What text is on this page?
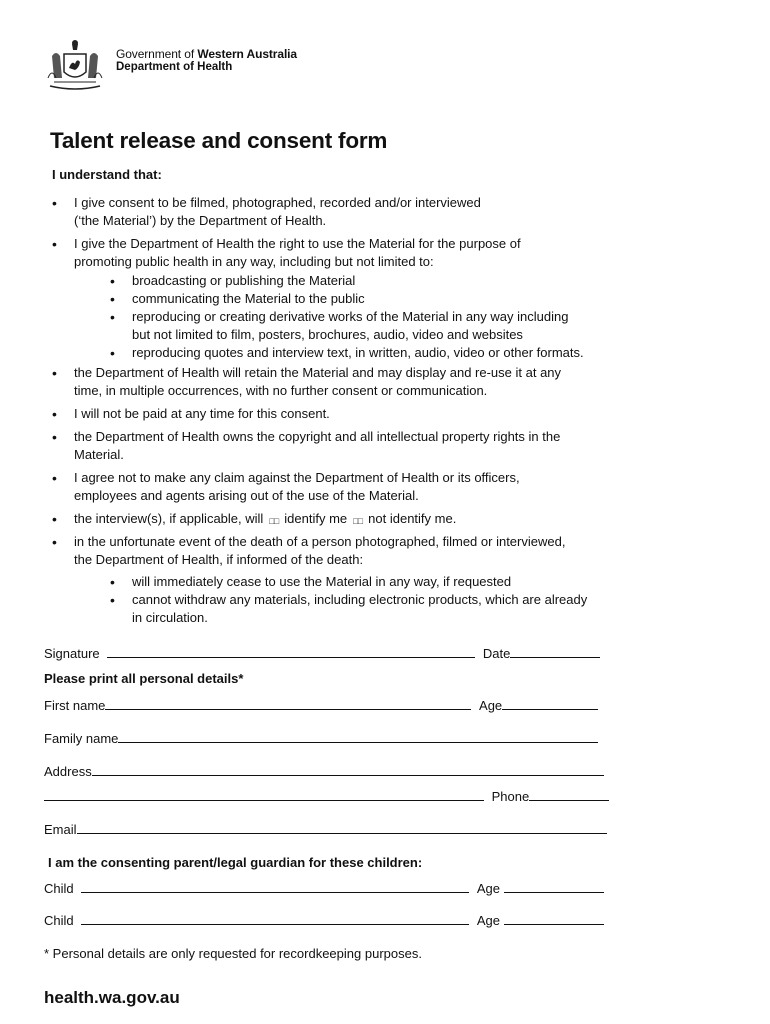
Government of Western Australia
Department of Health
Talent release and consent form
I understand that:
• I give consent to be filmed, photographed, recorded and/or interviewed
(‘the Material’) by the Department of Health.
• I give the Department of Health the right to use the Material for the purpose of
promoting public health in any way, including but not limited to:
• broadcasting or publishing the Material
• communicating the Material to the public
• reproducing or creating derivative works of the Material in any way including
but not limited to film, posters, brochures, audio, video and websites
• reproducing quotes and interview text, in written, audio, video or other formats.
• the Department of Health will retain the Material and may display and re-use it at any
time, in multiple occurrences, with no further consent or communication.
• I will not be paid at any time for this consent.
• the Department of Health owns the copyright and all intellectual property rights in the
Material.
• I agree not to make any claim against the Department of Health or its officers,
employees and agents arising out of the use of the Material.
• the interview(s), if applicable, will □□ identify me □□ not identify me.
• in the unfortunate event of the death of a person photographed, filmed or interviewed,
the Department of Health, if informed of the death:
• will immediately cease to use the Material in any way, if requested
• cannot withdraw any materials, including electronic products, which are already
in circulation.
Signature	Date
Please print all personal details*
First name	Age
Family name
Address
Phone
Email
I am the consenting parent/legal guardian for these children:
Child	Age
Child	Age
* Personal details are only requested for recordkeeping purposes.
health.wa.gov.au
